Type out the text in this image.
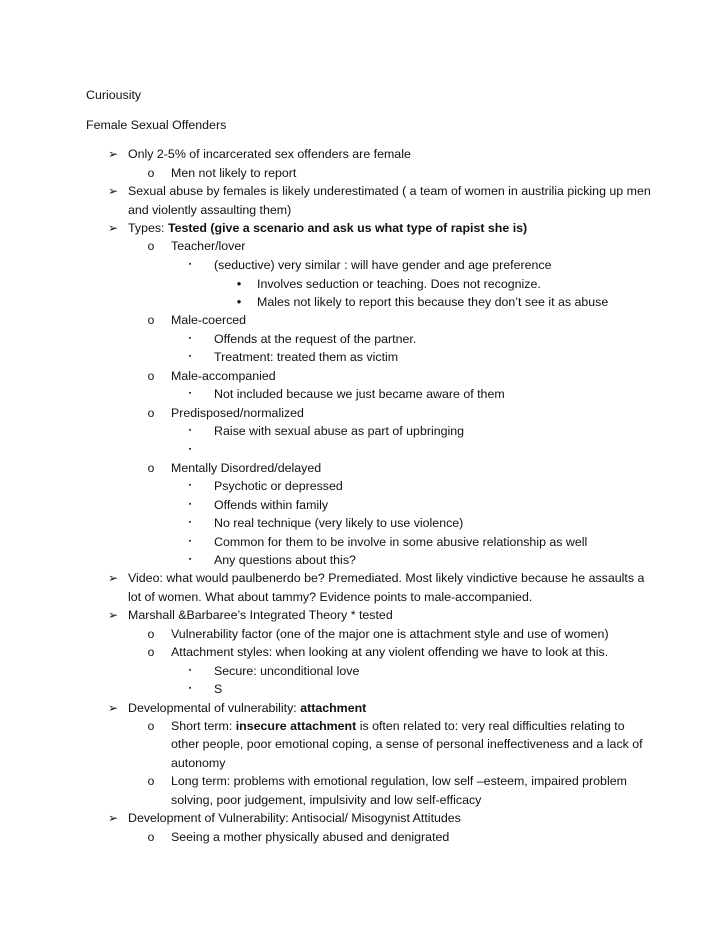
Curiousity
Female Sexual Offenders
➢ Only 2-5% of incarcerated sex offenders are female
o Men not likely to report
➢ Sexual abuse by females is likely underestimated ( a team of women in austrilia picking up men
and violently assaulting them)
➢ Types: Tested (give a scenario and ask us what type of rapist she is)
o Teacher/lover
▪	(seductive) very similar : will have gender and age preference
•	Involves seduction or teaching. Does not recognize.
•	Males not likely to report this because they don’t see it as abuse
o Male-coerced
▪	Offends at the request of the partner.
▪	Treatment: treated them as victim
o Male-accompanied
▪	Not included because we just became aware of them
o Predisposed/normalized
▪	Raise with sexual abuse as part of upbringing
▪
o Mentally Disordred/delayed
▪	Psychotic or depressed
▪	Offends within family
▪	No real technique (very likely to use violence)
▪	Common for them to be involve in some abusive relationship as well
▪	Any questions about this?
➢ Video: what would paulbenerdo be? Premediated. Most likely vindictive because he assaults a
lot of women. What about tammy? Evidence points to male-accompanied.
➢ Marshall &Barbaree’s Integrated Theory * tested
o Vulnerability factor (one of the major one is attachment style and use of women)
o Attachment styles: when looking at any violent offending we have to look at this.
▪	Secure: unconditional love
▪	S
➢ Developmental of vulnerability: attachment
o Short term: insecure attachment is often related to: very real difficulties relating to
other people, poor emotional coping, a sense of personal ineffectiveness and a lack of
autonomy
o Long term: problems with emotional regulation, low self –esteem, impaired problem
solving, poor judgement, impulsivity and low self-efficacy
➢ Development of Vulnerability: Antisocial/ Misogynist Attitudes
o Seeing a mother physically abused and denigrated
